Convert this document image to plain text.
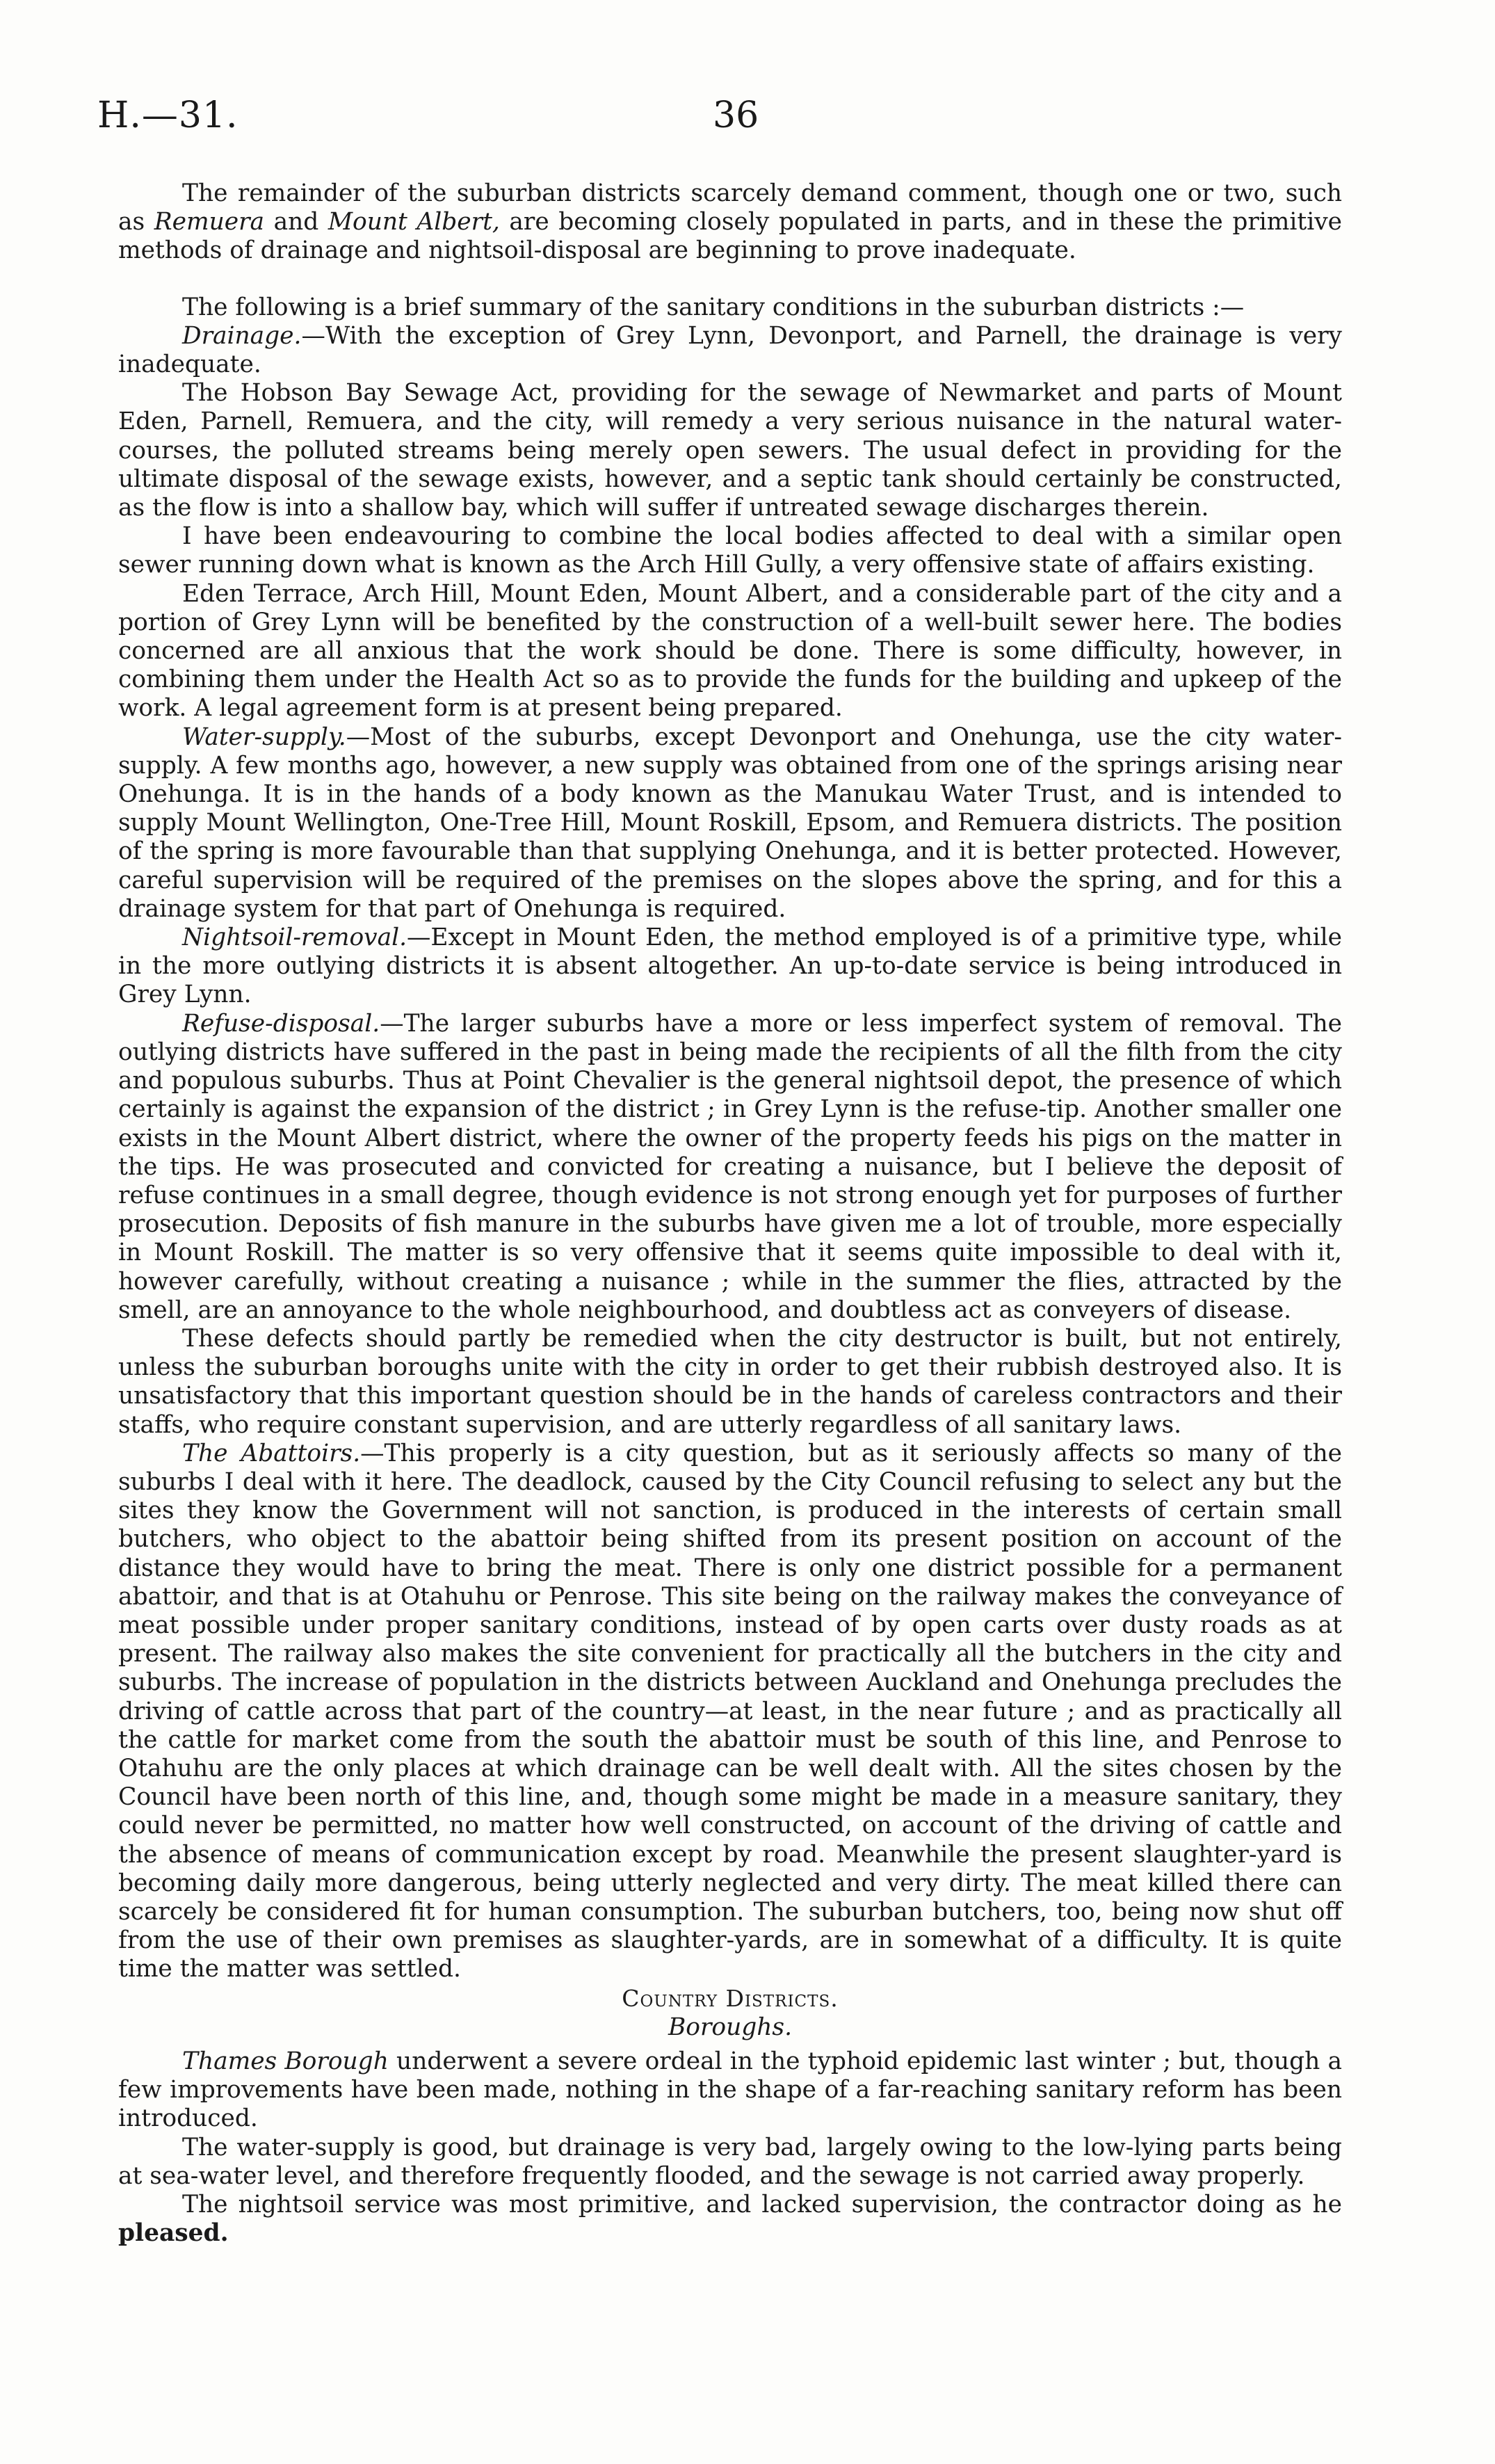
H.—31.	36

The remainder of the suburban districts scarcely demand comment, though one or two, such as Remuera and Mount Albert, are becoming closely populated in parts, and in these the primitive methods of drainage and nightsoil-disposal are beginning to prove inadequate.

The following is a brief summary of the sanitary conditions in the suburban districts :—

Drainage.—With the exception of Grey Lynn, Devonport, and Parnell, the drainage is very inadequate.

The Hobson Bay Sewage Act, providing for the sewage of Newmarket and parts of Mount Eden, Parnell, Remuera, and the city, will remedy a very serious nuisance in the natural water-courses, the polluted streams being merely open sewers. The usual defect in providing for the ultimate disposal of the sewage exists, however, and a septic tank should certainly be constructed, as the flow is into a shallow bay, which will suffer if untreated sewage discharges therein.

I have been endeavouring to combine the local bodies affected to deal with a similar open sewer running down what is known as the Arch Hill Gully, a very offensive state of affairs existing.

Eden Terrace, Arch Hill, Mount Eden, Mount Albert, and a considerable part of the city and a portion of Grey Lynn will be benefited by the construction of a well-built sewer here. The bodies concerned are all anxious that the work should be done. There is some difficulty, however, in combining them under the Health Act so as to provide the funds for the building and upkeep of the work. A legal agreement form is at present being prepared.

Water-supply.—Most of the suburbs, except Devonport and Onehunga, use the city water-supply. A few months ago, however, a new supply was obtained from one of the springs arising near Onehunga. It is in the hands of a body known as the Manukau Water Trust, and is intended to supply Mount Wellington, One-Tree Hill, Mount Roskill, Epsom, and Remuera districts. The position of the spring is more favourable than that supplying Onehunga, and it is better protected. However, careful supervision will be required of the premises on the slopes above the spring, and for this a drainage system for that part of Onehunga is required.

Nightsoil-removal.—Except in Mount Eden, the method employed is of a primitive type, while in the more outlying districts it is absent altogether. An up-to-date service is being introduced in Grey Lynn.

Refuse-disposal.—The larger suburbs have a more or less imperfect system of removal. The outlying districts have suffered in the past in being made the recipients of all the filth from the city and populous suburbs. Thus at Point Chevalier is the general nightsoil depot, the presence of which certainly is against the expansion of the district ; in Grey Lynn is the refuse-tip. Another smaller one exists in the Mount Albert district, where the owner of the property feeds his pigs on the matter in the tips. He was prosecuted and convicted for creating a nuisance, but I believe the deposit of refuse continues in a small degree, though evidence is not strong enough yet for purposes of further prosecution. Deposits of fish manure in the suburbs have given me a lot of trouble, more especially in Mount Roskill. The matter is so very offensive that it seems quite impossible to deal with it, however carefully, without creating a nuisance ; while in the summer the flies, attracted by the smell, are an annoyance to the whole neighbourhood, and doubtless act as conveyers of disease.

These defects should partly be remedied when the city destructor is built, but not entirely, unless the suburban boroughs unite with the city in order to get their rubbish destroyed also. It is unsatisfactory that this important question should be in the hands of careless contractors and their staffs, who require constant supervision, and are utterly regardless of all sanitary laws.

The Abattoirs.—This properly is a city question, but as it seriously affects so many of the suburbs I deal with it here. The deadlock, caused by the City Council refusing to select any but the sites they know the Government will not sanction, is produced in the interests of certain small butchers, who object to the abattoir being shifted from its present position on account of the distance they would have to bring the meat. There is only one district possible for a permanent abattoir, and that is at Otahuhu or Penrose. This site being on the railway makes the conveyance of meat possible under proper sanitary conditions, instead of by open carts over dusty roads as at present. The railway also makes the site convenient for practically all the butchers in the city and suburbs. The increase of population in the districts between Auckland and Onehunga precludes the driving of cattle across that part of the country—at least, in the near future ; and as practically all the cattle for market come from the south the abattoir must be south of this line, and Penrose to Otahuhu are the only places at which drainage can be well dealt with. All the sites chosen by the Council have been north of this line, and, though some might be made in a measure sanitary, they could never be permitted, no matter how well constructed, on account of the driving of cattle and the absence of means of communication except by road. Meanwhile the present slaughter-yard is becoming daily more dangerous, being utterly neglected and very dirty. The meat killed there can scarcely be considered fit for human consumption. The suburban butchers, too, being now shut off from the use of their own premises as slaughter-yards, are in somewhat of a difficulty. It is quite time the matter was settled.

Country Districts.

Boroughs.

Thames Borough underwent a severe ordeal in the typhoid epidemic last winter ; but, though a few improvements have been made, nothing in the shape of a far-reaching sanitary reform has been introduced.

The water-supply is good, but drainage is very bad, largely owing to the low-lying parts being at sea-water level, and therefore frequently flooded, and the sewage is not carried away properly.

The nightsoil service was most primitive, and lacked supervision, the contractor doing as he pleased.
